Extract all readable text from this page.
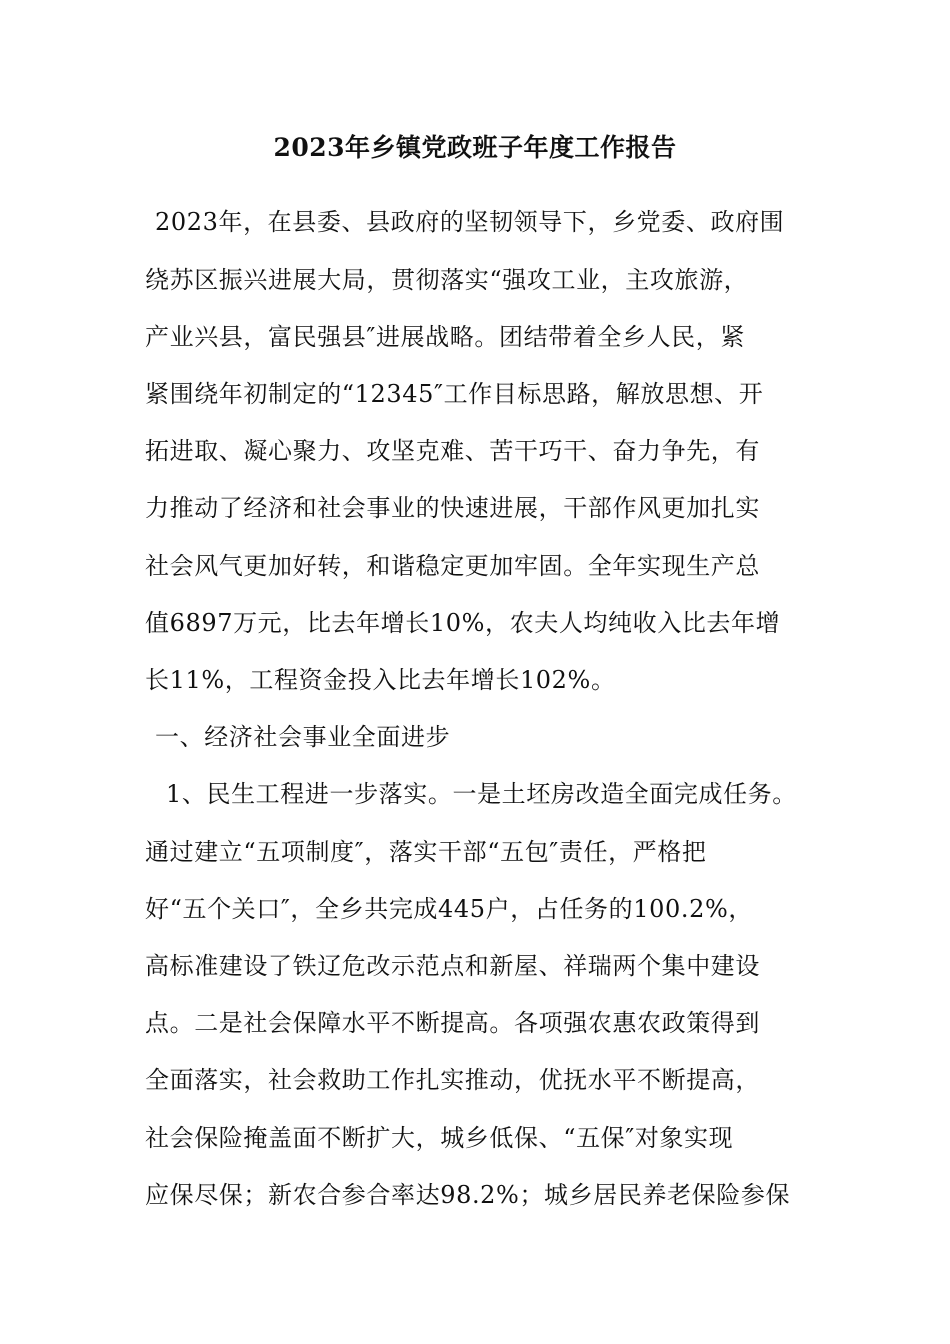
2023年乡镇党政班子年度工作报告
2023年，在县委、县政府的坚韧领导下，乡党委、政府围
绕苏区振兴进展大局，贯彻落实“强攻工业，主攻旅游，
产业兴县，富民强县″进展战略。团结带着全乡人民，紧
紧围绕年初制定的“12345″工作目标思路，解放思想、开
拓进取、凝心聚力、攻坚克难、苦干巧干、奋力争先，有
力推动了经济和社会事业的快速进展，干部作风更加扎实
社会风气更加好转，和谐稳定更加牢固。全年实现生产总
值6897万元，比去年增长10%，农夫人均纯收入比去年增
长11%，工程资金投入比去年增长102%。
一、经济社会事业全面进步
1、民生工程进一步落实。一是土坯房改造全面完成任务。
通过建立“五项制度″，落实干部“五包″责任，严格把
好“五个关口″，全乡共完成445户，占任务的100.2%，
高标准建设了铁辽危改示范点和新屋、祥瑞两个集中建设
点。二是社会保障水平不断提高。各项强农惠农政策得到
全面落实，社会救助工作扎实推动，优抚水平不断提高，
社会保险掩盖面不断扩大，城乡低保、“五保″对象实现
应保尽保；新农合参合率达98.2%；城乡居民养老保险参保
